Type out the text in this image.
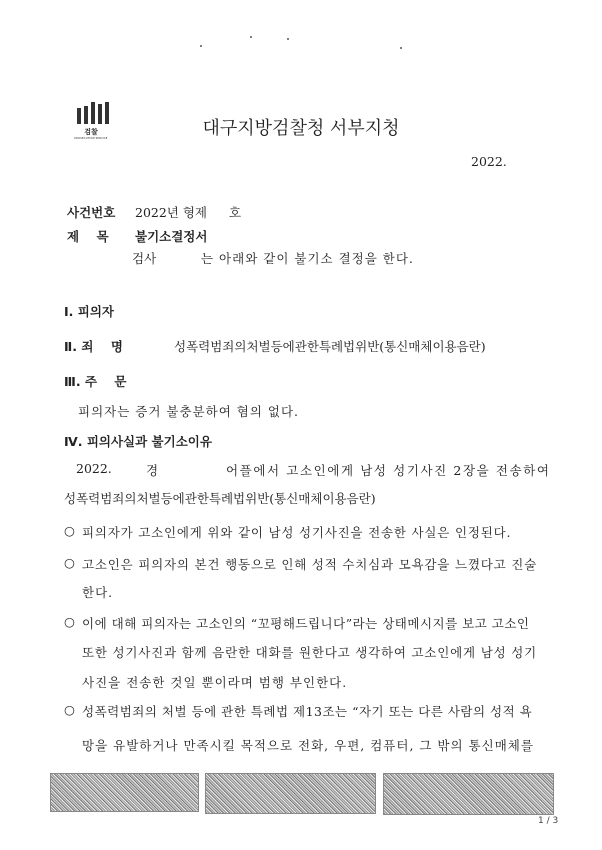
검찰
PROSECUTION SERVICE	대구지방검찰청 서부지청
2022.
사건번호 2022년 형제 호
제    목 불기소결정서
검사	는 아래와 같이 불기소 결정을 한다.
Ⅰ. 피의자
Ⅱ. 죄    명	성폭력범죄의처벌등에관한특례법위반(통신매체이용음란)
Ⅲ. 주    문
피의자는 증거 불충분하여 혐의 없다.
Ⅳ. 피의사실과 불기소이유
2022.	경	어플에서 고소인에게 남성 성기사진 2장을 전송하여
성폭력범죄의처벌등에관한특례법위반(통신매체이용음란)
○ 피의자가 고소인에게 위와 같이 남성 성기사진을 전송한 사실은 인정된다.
○ 고소인은 피의자의 본건 행동으로 인해 성적 수치심과 모욕감을 느꼈다고 진술
한다.
○ 이에 대해 피의자는 고소인의 “꼬평해드립니다”라는 상태메시지를 보고 고소인
또한 성기사진과 함께 음란한 대화를 원한다고 생각하여 고소인에게 남성 성기
사진을 전송한 것일 뿐이라며 범행 부인한다.
○ 성폭력범죄의 처벌 등에 관한 특례법 제13조는 “자기 또는 다른 사람의 성적 욕
망을 유발하거나 만족시킬 목적으로 전화, 우편, 컴퓨터, 그 밖의 통신매체를
1 / 3
